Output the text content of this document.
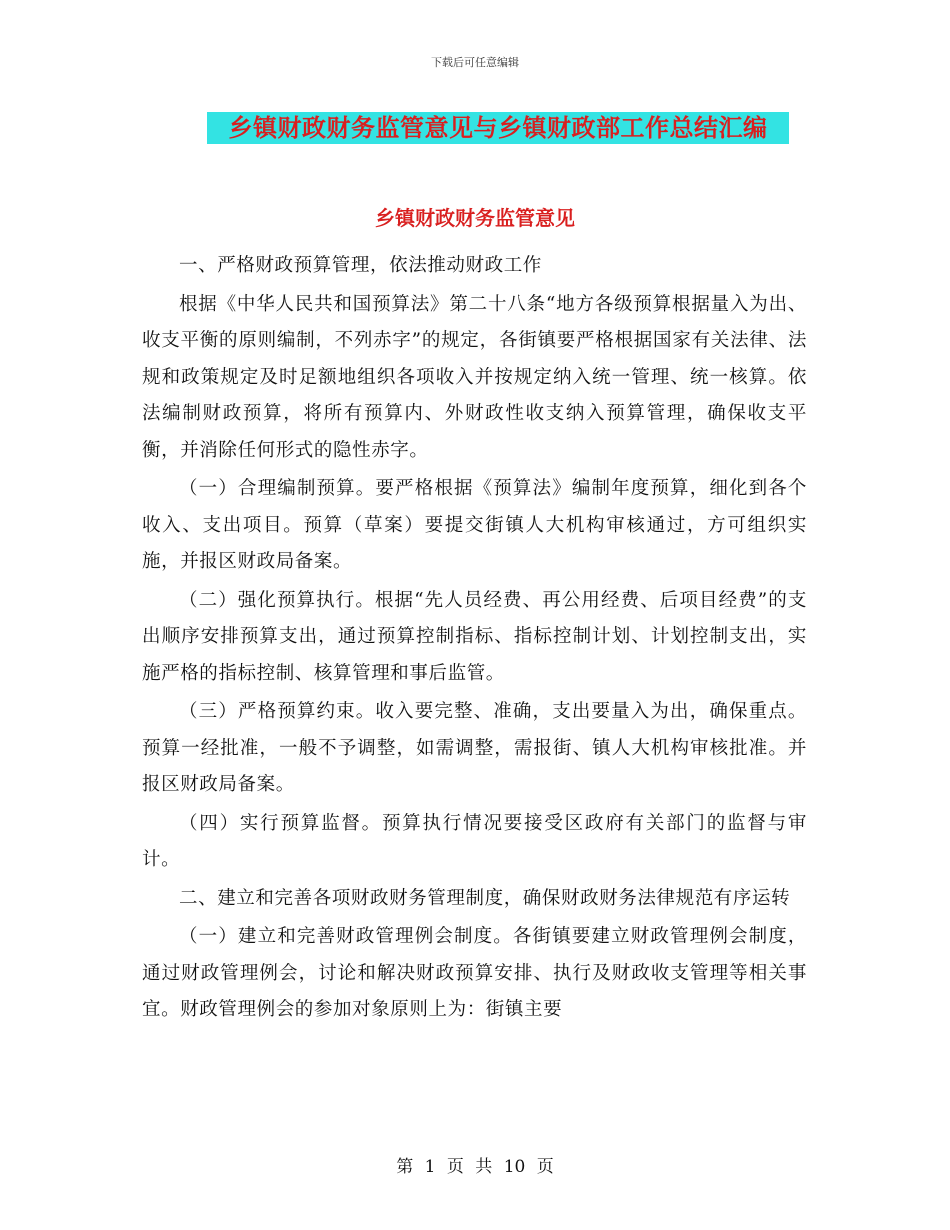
下载后可任意编辑
乡镇财政财务监管意见与乡镇财政部工作总结汇编
乡镇财政财务监管意见

一、严格财政预算管理，依法推动财政工作

根据《中华人民共和国预算法》第二十八条“地方各级预算根据量入为出、收支平衡的原则编制，不列赤字”的规定，各街镇要严格根据国家有关法律、法规和政策规定及时足额地组织各项收入并按规定纳入统一管理、统一核算。依法编制财政预算，将所有预算内、外财政性收支纳入预算管理，确保收支平衡，并消除任何形式的隐性赤字。

（一）合理编制预算。要严格根据《预算法》编制年度预算，细化到各个收入、支出项目。预算（草案）要提交街镇人大机构审核通过，方可组织实施，并报区财政局备案。

（二）强化预算执行。根据“先人员经费、再公用经费、后项目经费”的支出顺序安排预算支出，通过预算控制指标、指标控制计划、计划控制支出，实施严格的指标控制、核算管理和事后监管。

（三）严格预算约束。收入要完整、准确，支出要量入为出，确保重点。预算一经批准，一般不予调整，如需调整，需报街、镇人大机构审核批准。并报区财政局备案。

（四）实行预算监督。预算执行情况要接受区政府有关部门的监督与审计。

二、建立和完善各项财政财务管理制度，确保财政财务法律规范有序运转

（一）建立和完善财政管理例会制度。各街镇要建立财政管理例会制度，通过财政管理例会，讨论和解决财政预算安排、执行及财政收支管理等相关事宜。财政管理例会的参加对象原则上为：街镇主要

第 1 页 共 10 页
